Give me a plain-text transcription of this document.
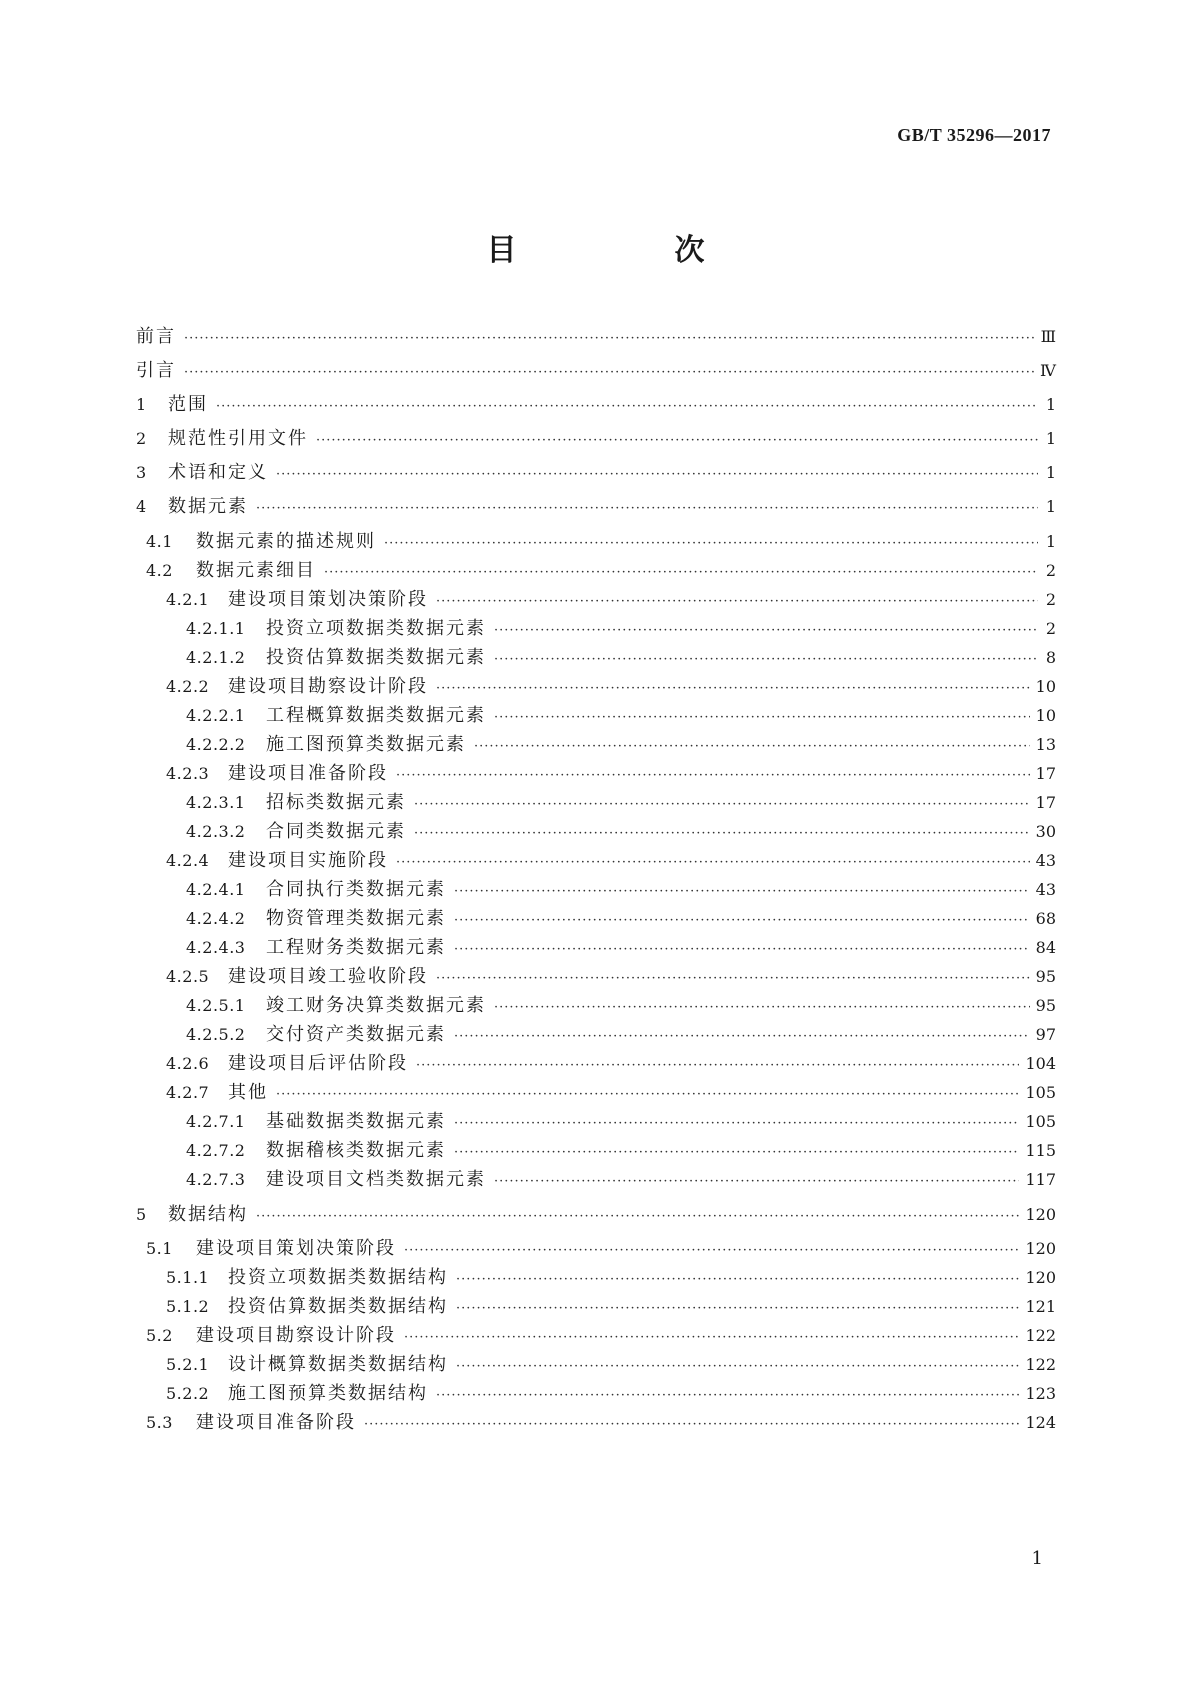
GB/T 35296—2017
目　次
前言 ·····	Ⅲ
引言 ·····	Ⅳ
1	范围 ·····	1
2	规范性引用文件 ·····	1
3	术语和定义 ·····	1
4	数据元素 ·····	1
4.1	数据元素的描述规则 ·····	1
4.2	数据元素细目 ·····	2
4.2.1	建设项目策划决策阶段 ·····	2
4.2.1.1	投资立项数据类数据元素 ·····	2
4.2.1.2	投资估算数据类数据元素 ·····	8
4.2.2	建设项目勘察设计阶段 ·····	10
4.2.2.1	工程概算数据类数据元素 ·····	10
4.2.2.2	施工图预算类数据元素 ·····	13
4.2.3	建设项目准备阶段 ·····	17
4.2.3.1	招标类数据元素 ·····	17
4.2.3.2	合同类数据元素 ·····	30
4.2.4	建设项目实施阶段 ·····	43
4.2.4.1	合同执行类数据元素 ·····	43
4.2.4.2	物资管理类数据元素 ·····	68
4.2.4.3	工程财务类数据元素 ·····	84
4.2.5	建设项目竣工验收阶段 ·····	95
4.2.5.1	竣工财务决算类数据元素 ·····	95
4.2.5.2	交付资产类数据元素 ·····	97
4.2.6	建设项目后评估阶段 ·····	104
4.2.7	其他 ·····	105
4.2.7.1	基础数据类数据元素 ·····	105
4.2.7.2	数据稽核类数据元素 ·····	115
4.2.7.3	建设项目文档类数据元素 ·····	117
5	数据结构 ·····	120
5.1	建设项目策划决策阶段 ·····	120
5.1.1	投资立项数据类数据结构 ·····	120
5.1.2	投资估算数据类数据结构 ·····	121
5.2	建设项目勘察设计阶段 ·····	122
5.2.1	设计概算数据类数据结构 ·····	122
5.2.2	施工图预算类数据结构 ·····	123
5.3	建设项目准备阶段 ·····	124
1
